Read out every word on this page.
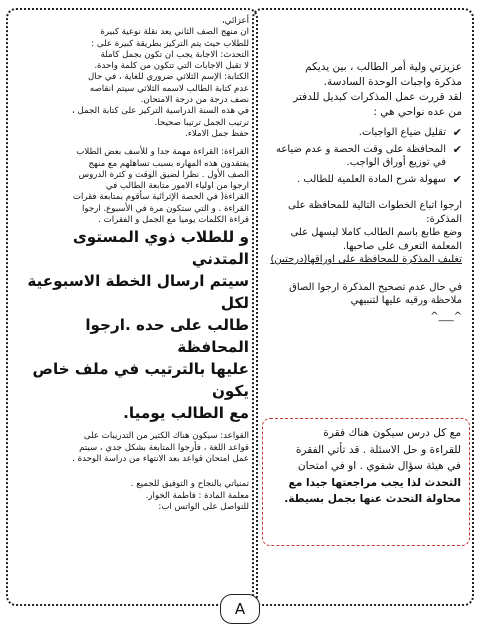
أعزائي،

ان منهج الصف الثاني يعد نقلة نوعية كبيرة

للطلاب حيث يتم التركيز بطريقة كبيرة على :

التحدث: الاجابة يجب ان تكون بجمل كاملة

لا تقبل الاجابات التي تتكون من كلمة واحدة.

الكتابة: الإسم الثلاثي ضروري للغاية ، في حال

عدم كتابة الطالب لاسمه الثلاثي سيتم انقاصه

نصف درجة من درجة الامتحان.

في هذه السنة الدراسية التركيز على كتابة الجمل ،

ترتيب الجمل ترتيبا صحيحا.

حفظ جمل الاملاء.

القراءة: القراءة مهمة جدا و للأسف بعض الطلاب

يفتقدون هذه المهاره بسبب تساهلهم مع منهج

الصف الأول . نظرا لضيق الوقت و كثرة الدروس

ارجوا من اولياء الامور متابعة الطالب في

القراءة( في الحصة الإثرائية سأقوم بمتابعة فقرات

القراءة . و التي ستكون مرة في الأسبوع. ارجوا

قراءة الكلمات يوميا مع الجمل و الفقرات .

و للطلاب ذوي المستوى المتدني

سيتم ارسال الخطة الاسبوعية لكل

طالب على حده .ارجوا المحافظة

عليها بالترتيب في ملف خاص يكون

مع الطالب يوميا.

القواعد: سيكون هناك الكثير من التدريبات على

قواعد اللغة ، فأرجوا المتابعة بشكل جدي ، سيتم

عمل امتحان قواعد بعد الانتهاء من دراسة الوحدة .

تمنياتي بالنجاح و التوفيق للجميع .

معلمة المادة : فاطمة الخوار.

للتواصل على الواتس اب:

عزيزتي ولية أمر الطالب ، بين يديكم

مذكرة واجبات الوحدة السادسة.

لقد قررت عمل المذكرات كبديل للدفتر

من عده نواحي هي :

✔
تقليل ضياع الواجبات.
✔
المحافظة على وقت الحصة و عدم ضياعه في توزيع أوراق الواجب.
✔
سهولة شرح المادة العلمية للطالب .

ارجوا اتباع الخطوات التالية للمحافظة على المذكرة:

وضع طابع باسم الطالب كاملا ليسهل على المعلمة التعرف على صاحبها.

تغليف المذكرة للمحافظة على اوراقها(درجتين)

في حال عدم تصحيح المذكرة ارجوا الصاق ملاحظة ورقيه عليها لتنبيهي

^___^

مع كل درس سيكون هناك فقرة

للقراءة و حل الاسئلة . قد تأتي الفقرة

في هيئة سؤال شفوي . او في امتحان

التحدث لذا يجب مراجعتها جيدا مع

محاولة التحدث عنها بجمل بسيطة.

A
